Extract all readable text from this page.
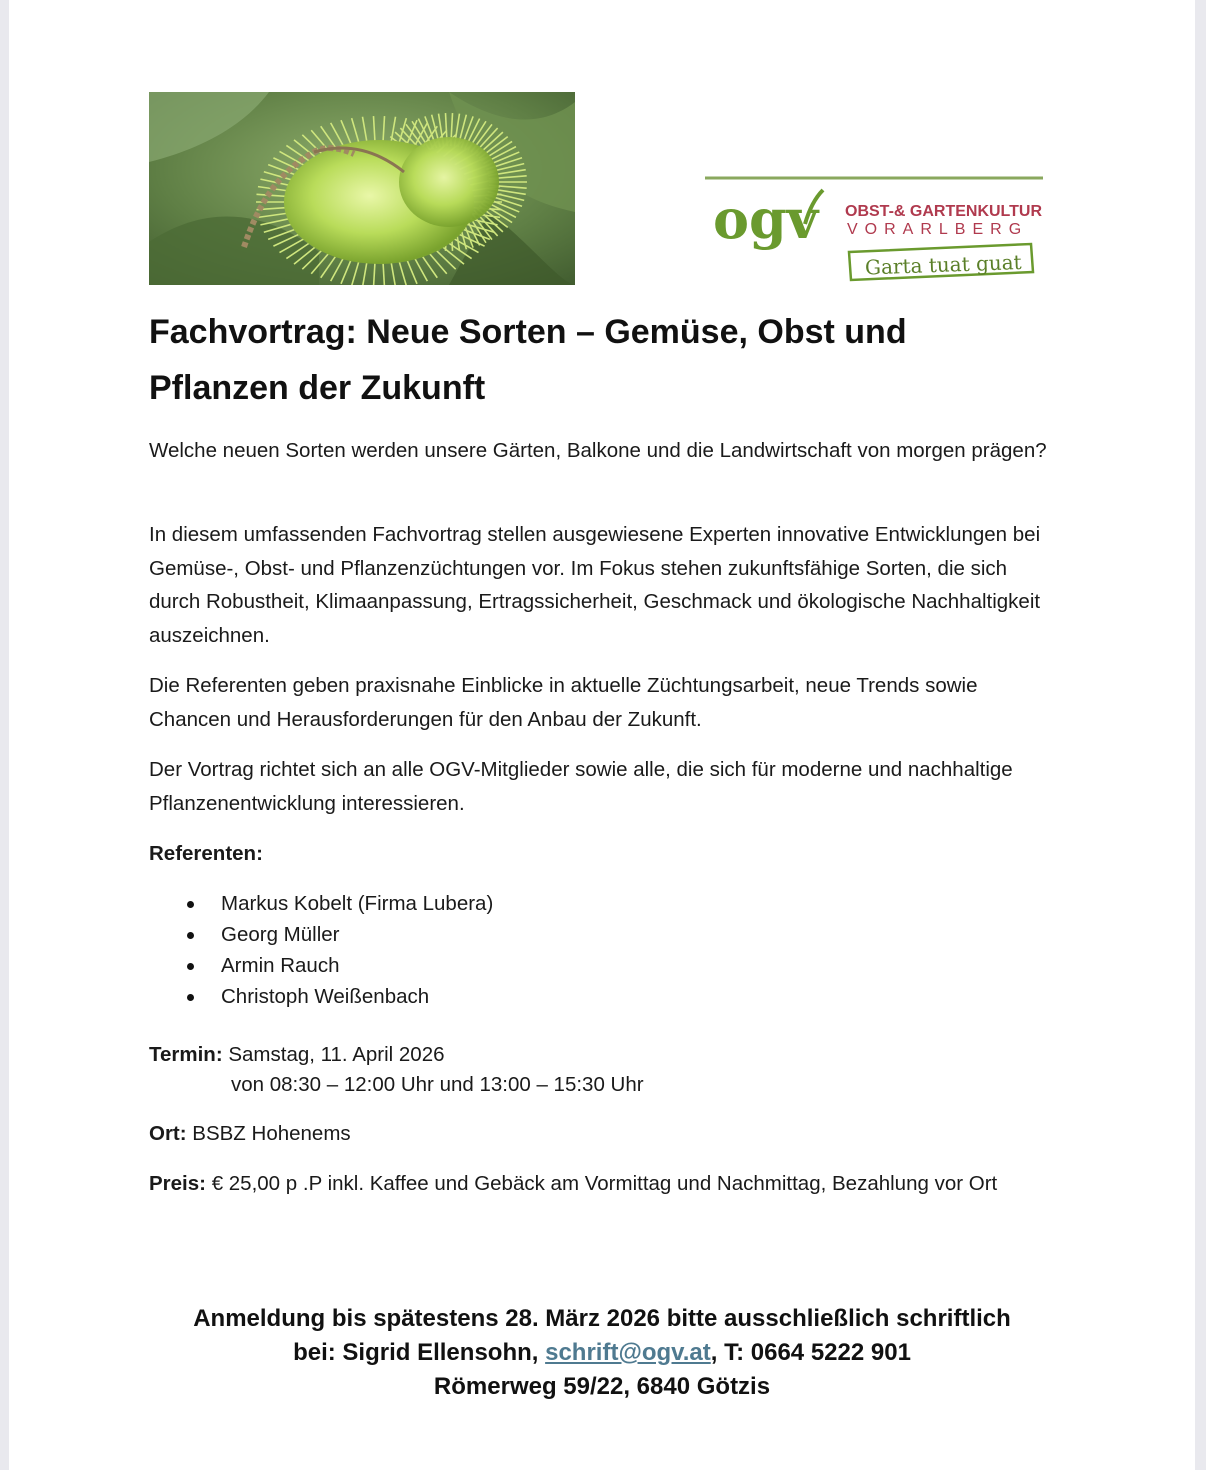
ogv OBST-& GARTENKULTUR
VORARLBERG
Garta tuat guat
Fachvortrag: Neue Sorten – Gemüse, Obst und Pflanzen der Zukunft

Welche neuen Sorten werden unsere Gärten, Balkone und die Landwirtschaft von morgen prägen?

In diesem umfassenden Fachvortrag stellen ausgewiesene Experten innovative Entwicklungen bei Gemüse-, Obst- und Pflanzenzüchtungen vor. Im Fokus stehen zukunftsfähige Sorten, die sich durch Robustheit, Klimaanpassung, Ertragssicherheit, Geschmack und ökologische Nachhaltigkeit auszeichnen.

Die Referenten geben praxisnahe Einblicke in aktuelle Züchtungsarbeit, neue Trends sowie Chancen und Herausforderungen für den Anbau der Zukunft.

Der Vortrag richtet sich an alle OGV-Mitglieder sowie alle, die sich für moderne und nachhaltige Pflanzenentwicklung interessieren.

Referenten:

Markus Kobelt (Firma Lubera)
Georg Müller
Armin Rauch
Christoph Weißenbach

Termin: Samstag, 11. April 2026

von 08:30 – 12:00 Uhr und 13:00 – 15:30 Uhr

Ort: BSBZ Hohenems

Preis: € 25,00 p .P inkl. Kaffee und Gebäck am Vormittag und Nachmittag, Bezahlung vor Ort

Anmeldung bis spätestens 28. März 2026 bitte ausschließlich schriftlich
bei: Sigrid Ellensohn, schrift@ogv.at, T: 0664 5222 901
Römerweg 59/22, 6840 Götzis
